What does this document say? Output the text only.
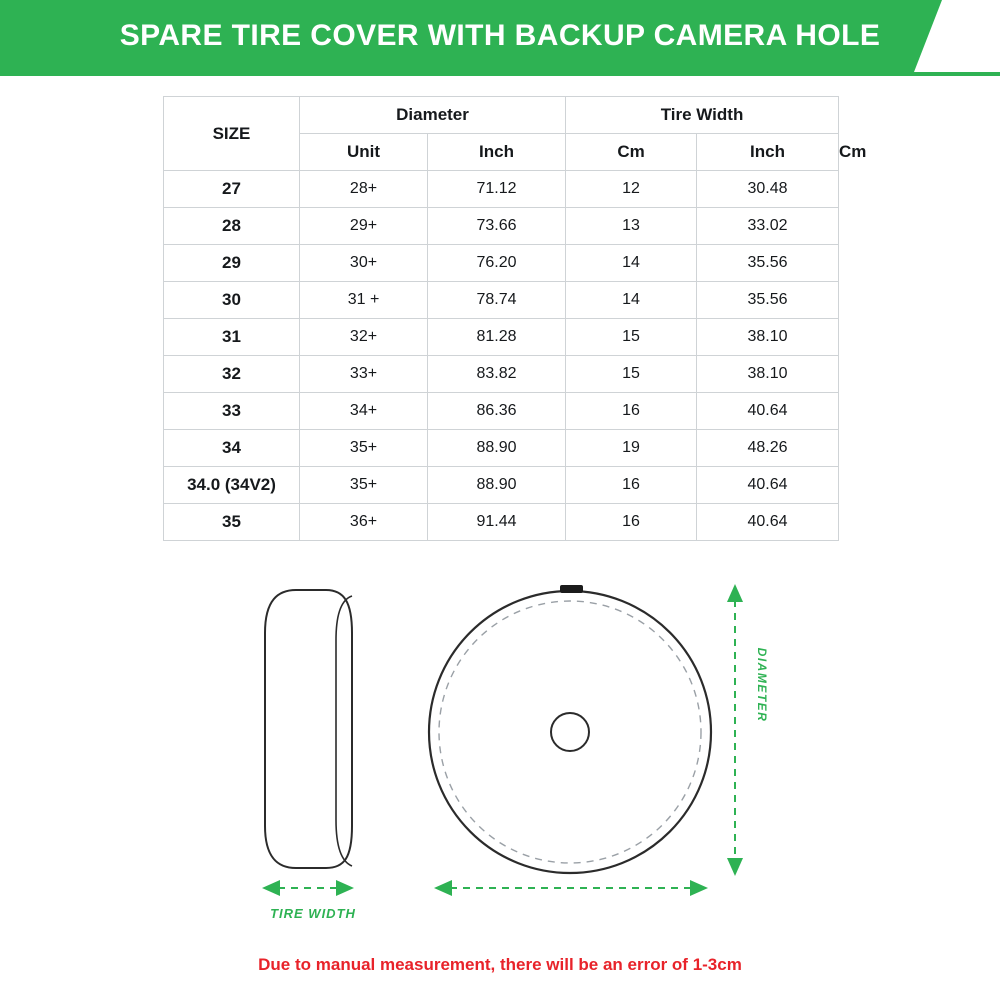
SPARE TIRE COVER WITH BACKUP CAMERA HOLE
SIZE	Diameter		Tire Width		
	Unit	Inch	Cm	Inch	Cm
27	28+	71.12	12	30.48	
28	29+	73.66	13	33.02	
29	30+	76.20	14	35.56	
30	31 +	78.74	14	35.56	
31	32+	81.28	15	38.10	
32	33+	83.82	15	38.10	
33	34+	86.36	16	40.64	
34	35+	88.90	19	48.26	
34.0 (34V2)	35+	88.90	16	40.64	
35	36+	91.44	16	40.64	
TIRE WIDTH
DIAMETER
Due to manual measurement, there will be an error of 1-3cm
